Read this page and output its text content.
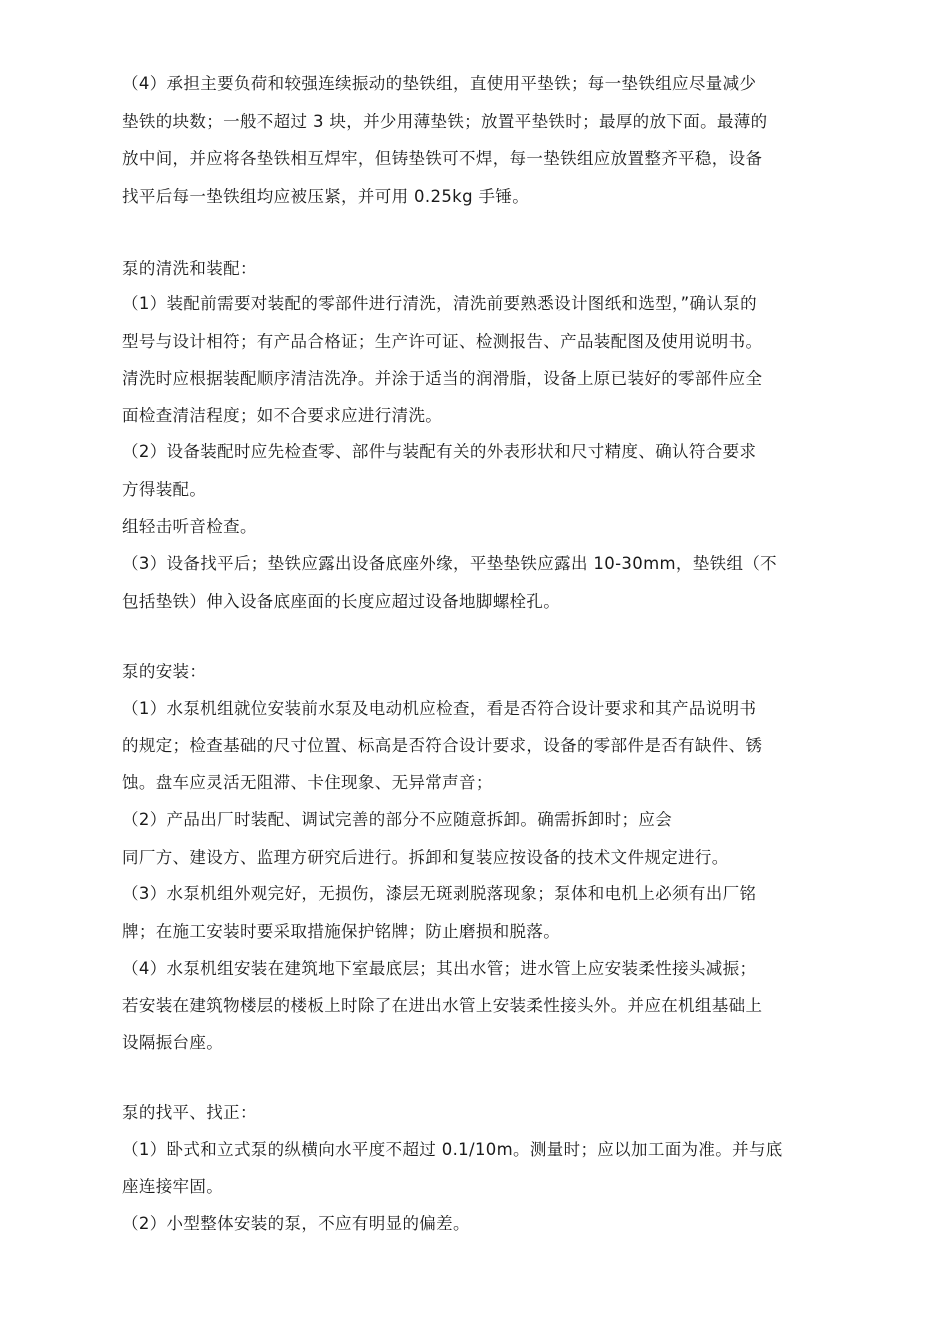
（4）承担主要负荷和较强连续振动的垫铁组，直使用平垫铁；每一垫铁组应尽量减少
垫铁的块数；一般不超过 3 块，并少用薄垫铁；放置平垫铁时；最厚的放下面。最薄的
放中间，并应将各垫铁相互焊牢，但铸垫铁可不焊，每一垫铁组应放置整齐平稳，设备
找平后每一垫铁组均应被压紧，并可用 0.25kg 手锤。
泵的清洗和装配：
（1）装配前需要对装配的零部件进行清洗，清洗前要熟悉设计图纸和选型，”确认泵的
型号与设计相符；有产品合格证；生产许可证、检测报告、产品装配图及使用说明书。
清洗时应根据装配顺序清洁洗净。并涂于适当的润滑脂，设备上原已装好的零部件应全
面检查清洁程度；如不合要求应进行清洗。
（2）设备装配时应先检查零、部件与装配有关的外表形状和尺寸精度、确认符合要求
方得装配。
组轻击听音检查。
（3）设备找平后；垫铁应露出设备底座外缘，平垫垫铁应露出 10-30mm，垫铁组（不
包括垫铁）伸入设备底座面的长度应超过设备地脚螺栓孔。
泵的安装：
（1）水泵机组就位安装前水泵及电动机应检查，看是否符合设计要求和其产品说明书
的规定；检查基础的尺寸位置、标高是否符合设计要求，设备的零部件是否有缺件、锈
蚀。盘车应灵活无阻滞、卡住现象、无异常声音；
（2）产品出厂时装配、调试完善的部分不应随意拆卸。确需拆卸时；应会
同厂方、建设方、监理方研究后进行。拆卸和复装应按设备的技术文件规定进行。
（3）水泵机组外观完好，无损伤，漆层无斑剥脱落现象；泵体和电机上必须有出厂铭
牌；在施工安装时要采取措施保护铭牌；防止磨损和脱落。
（4）水泵机组安装在建筑地下室最底层；其出水管；进水管上应安装柔性接头减振；
若安装在建筑物楼层的楼板上时除了在进出水管上安装柔性接头外。并应在机组基础上
设隔振台座。
泵的找平、找正：
（1）卧式和立式泵的纵横向水平度不超过 0.1/10m。测量时；应以加工面为准。并与底
座连接牢固。
（2）小型整体安装的泵，不应有明显的偏差。
